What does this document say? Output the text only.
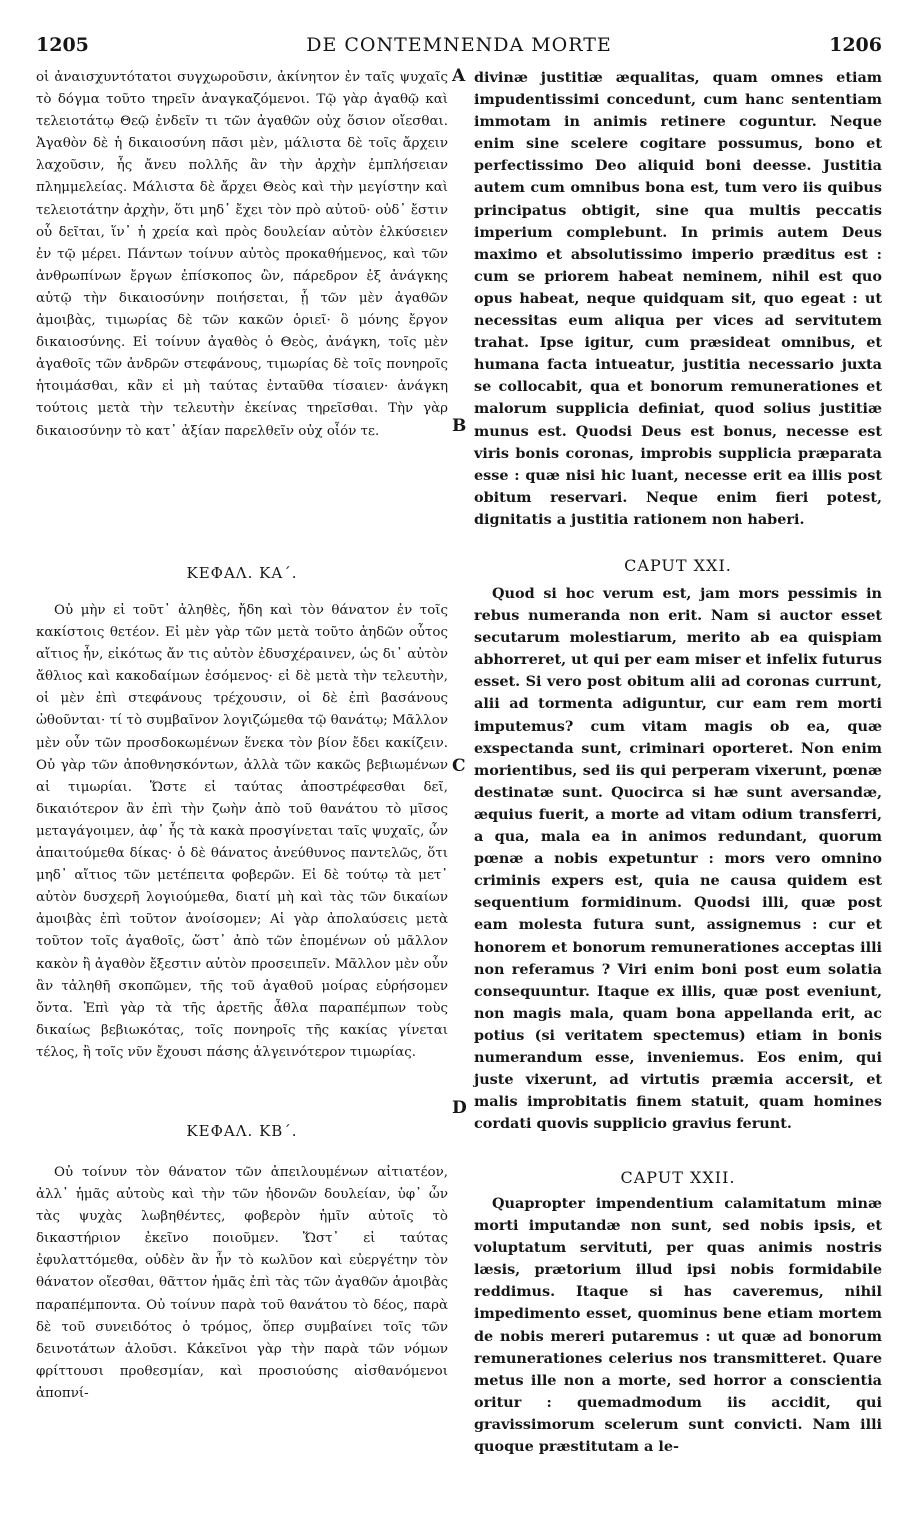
1205	DE CONTEMNENDA MORTE	1206
A
B
C
D

οἱ ἀναισχυντότατοι συγχωροῦσιν, ἀκίνητον ἐν ταῖς ψυχαῖς τὸ δόγμα τοῦτο τηρεῖν ἀναγκαζόμενοι. Τῷ γὰρ ἀγαθῷ καὶ τελειοτάτῳ Θεῷ ἐνδεῖν τι τῶν ἀγαθῶν οὐχ ὅσιον οἴεσθαι. Ἀγαθὸν δὲ ἡ δικαιοσύνη πᾶσι μὲν, μάλιστα δὲ τοῖς ἄρχειν λαχοῦσιν, ἧς ἄνευ πολλῆς ἂν τὴν ἀρχὴν ἐμπλήσειαν πλημμελείας. Μάλιστα δὲ ἄρχει Θεὸς καὶ τὴν μεγίστην καὶ τελειοτάτην ἀρχὴν, ὅτι μηδ᾽ ἔχει τὸν πρὸ αὐτοῦ· οὐδ᾽ ἔστιν οὗ δεῖται, ἵν᾽ ἡ χρεία καὶ πρὸς δουλείαν αὐτὸν ἑλκύσειεν ἐν τῷ μέρει. Πάντων τοίνυν αὐτὸς προκαθήμενος, καὶ τῶν ἀνθρωπίνων ἔργων ἐπίσκοπος ὢν, πάρεδρον ἐξ ἀνάγκης αὐτῷ τὴν δικαιοσύνην ποιήσεται, ᾗ τῶν μὲν ἀγαθῶν ἀμοιβὰς, τιμωρίας δὲ τῶν κακῶν ὁριεῖ· ὃ μόνης ἔργον δικαιοσύνης. Εἰ τοίνυν ἀγαθὸς ὁ Θεὸς, ἀνάγκη, τοῖς μὲν ἀγαθοῖς τῶν ἀνδρῶν στεφάνους, τιμωρίας δὲ τοῖς πονηροῖς ἡτοιμάσθαι, κἂν εἰ μὴ ταύτας ἐνταῦθα τίσαιεν· ἀνάγκη τούτοις μετὰ τὴν τελευτὴν ἐκείνας τηρεῖσθαι. Τὴν γὰρ δικαιοσύνην τὸ κατ᾽ ἀξίαν παρελθεῖν οὐχ οἷόν τε.

ΚΕΦΑΛ. ΚΑ΄.

Οὐ μὴν εἰ τοῦτ᾽ ἀληθὲς, ἤδη καὶ τὸν θάνατον ἐν τοῖς κακίστοις θετέον. Εἰ μὲν γὰρ τῶν μετὰ τοῦτο ἀηδῶν οὗτος αἴτιος ἦν, εἰκότως ἄν τις αὐτὸν ἐδυσχέραινεν, ὡς δι᾽ αὐτὸν ἄθλιος καὶ κακοδαίμων ἐσόμενος· εἰ δὲ μετὰ τὴν τελευτὴν, οἱ μὲν ἐπὶ στεφάνους τρέχουσιν, οἱ δὲ ἐπὶ βασάνους ὠθοῦνται· τί τὸ συμβαῖνον λογιζώμεθα τῷ θανάτῳ; Μᾶλλον μὲν οὖν τῶν προσδοκωμένων ἕνεκα τὸν βίον ἔδει κακίζειν. Οὐ γὰρ τῶν ἀποθνησκόντων, ἀλλὰ τῶν κακῶς βεβιωμένων αἱ τιμωρίαι. Ὥστε εἰ ταύτας ἀποστρέφεσθαι δεῖ, δικαιότερον ἂν ἐπὶ τὴν ζωὴν ἀπὸ τοῦ θανάτου τὸ μῖσος μεταγάγοιμεν, ἀφ᾽ ἧς τὰ κακὰ προσγίνεται ταῖς ψυχαῖς, ὧν ἀπαιτούμεθα δίκας· ὁ δὲ θάνατος ἀνεύθυνος παντελῶς, ὅτι μηδ᾽ αἴτιος τῶν μετέπειτα φοβερῶν. Εἰ δὲ τούτῳ τὰ μετ᾽ αὐτὸν δυσχερῆ λογιούμεθα, διατί μὴ καὶ τὰς τῶν δικαίων ἀμοιβὰς ἐπὶ τοῦτον ἀνοίσομεν; Αἱ γὰρ ἀπολαύσεις μετὰ τοῦτον τοῖς ἀγαθοῖς, ὥστ᾽ ἀπὸ τῶν ἑπομένων οὐ μᾶλλον κακὸν ἢ ἀγαθὸν ἔξεστιν αὐτὸν προσειπεῖν. Μᾶλλον μὲν οὖν ἂν τἀληθῆ σκοπῶμεν, τῆς τοῦ ἀγαθοῦ μοίρας εὑρήσομεν ὄντα. Ἐπὶ γὰρ τὰ τῆς ἀρετῆς ἆθλα παραπέμπων τοὺς δικαίως βεβιωκότας, τοῖς πονηροῖς τῆς κακίας γίνεται τέλος, ἢ τοῖς νῦν ἔχουσι πάσης ἀλγεινότερον τιμωρίας.

ΚΕΦΑΛ. ΚΒ΄.

Οὐ τοίνυν τὸν θάνατον τῶν ἀπειλουμένων αἰτιατέον, ἀλλ᾽ ἡμᾶς αὐτοὺς καὶ τὴν τῶν ἡδονῶν δουλείαν, ὑφ᾽ ὧν τὰς ψυχὰς λωβηθέντες, φοβερὸν ἡμῖν αὐτοῖς τὸ δικαστήριον ἐκεῖνο ποιοῦμεν. Ὥστ᾽ εἰ ταύτας ἐφυλαττόμεθα, οὐδὲν ἂν ἦν τὸ κωλῦον καὶ εὐεργέτην τὸν θάνατον οἴεσθαι, θᾶττον ἡμᾶς ἐπὶ τὰς τῶν ἀγαθῶν ἀμοιβὰς παραπέμποντα. Οὐ τοίνυν παρὰ τοῦ θανάτου τὸ δέος, παρὰ δὲ τοῦ συνειδότος ὁ τρόμος, ὅπερ συμβαίνει τοῖς τῶν δεινοτάτων ἁλοῦσι. Κἀκεῖνοι γὰρ τὴν παρὰ τῶν νόμων φρίττουσι προθεσμίαν, καὶ προσιούσης αἰσθανόμενοι ἀποπνί-

divinæ justitiæ æqualitas, quam omnes etiam impudentissimi concedunt, cum hanc sententiam immotam in animis retinere coguntur. Neque enim sine scelere cogitare possumus, bono et perfectissimo Deo aliquid boni deesse. Justitia autem cum omnibus bona est, tum vero iis quibus principatus obtigit, sine qua multis peccatis imperium complebunt. In primis autem Deus maximo et absolutissimo imperio præditus est : cum se priorem habeat neminem, nihil est quo opus habeat, neque quidquam sit, quo egeat : ut necessitas eum aliqua per vices ad servitutem trahat. Ipse igitur, cum præsideat omnibus, et humana facta intueatur, justitia necessario juxta se collocabit, qua et bonorum remunerationes et malorum supplicia definiat, quod solius justitiæ munus est. Quodsi Deus est bonus, necesse est viris bonis coronas, improbis supplicia præparata esse : quæ nisi hic luant, necesse erit ea illis post obitum reservari. Neque enim fieri potest, dignitatis a justitia rationem non haberi.

CAPUT XXI.

Quod si hoc verum est, jam mors pessimis in rebus numeranda non erit. Nam si auctor esset secutarum molestiarum, merito ab ea quispiam abhorreret, ut qui per eam miser et infelix futurus esset. Si vero post obitum alii ad coronas currunt, alii ad tormenta adiguntur, cur eam rem morti imputemus? cum vitam magis ob ea, quæ exspectanda sunt, criminari oporteret. Non enim morientibus, sed iis qui perperam vixerunt, pœnæ destinatæ sunt. Quocirca si hæ sunt aversandæ, æquius fuerit, a morte ad vitam odium transferri, a qua, mala ea in animos redundant, quorum pœnæ a nobis expetuntur : mors vero omnino criminis expers est, quia ne causa quidem est sequentium formidinum. Quodsi illi, quæ post eam molesta futura sunt, assignemus : cur et honorem et bonorum remunerationes acceptas illi non referamus ? Viri enim boni post eum solatia consequuntur. Itaque ex illis, quæ post eveniunt, non magis mala, quam bona appellanda erit, ac potius (si veritatem spectemus) etiam in bonis numerandum esse, inveniemus. Eos enim, qui juste vixerunt, ad virtutis præmia accersit, et malis improbitatis finem statuit, quam homines cordati quovis supplicio gravius ferunt.

CAPUT XXII.

Quapropter impendentium calamitatum minæ morti imputandæ non sunt, sed nobis ipsis, et voluptatum servituti, per quas animis nostris læsis, prætorium illud ipsi nobis formidabile reddimus. Itaque si has caveremus, nihil impedimento esset, quominus bene etiam mortem de nobis mereri putaremus : ut quæ ad bonorum remunerationes celerius nos transmitteret. Quare metus ille non a morte, sed horror a conscientia oritur : quemadmodum iis accidit, qui gravissimorum scelerum sunt convicti. Nam illi quoque præstitutam a le-
